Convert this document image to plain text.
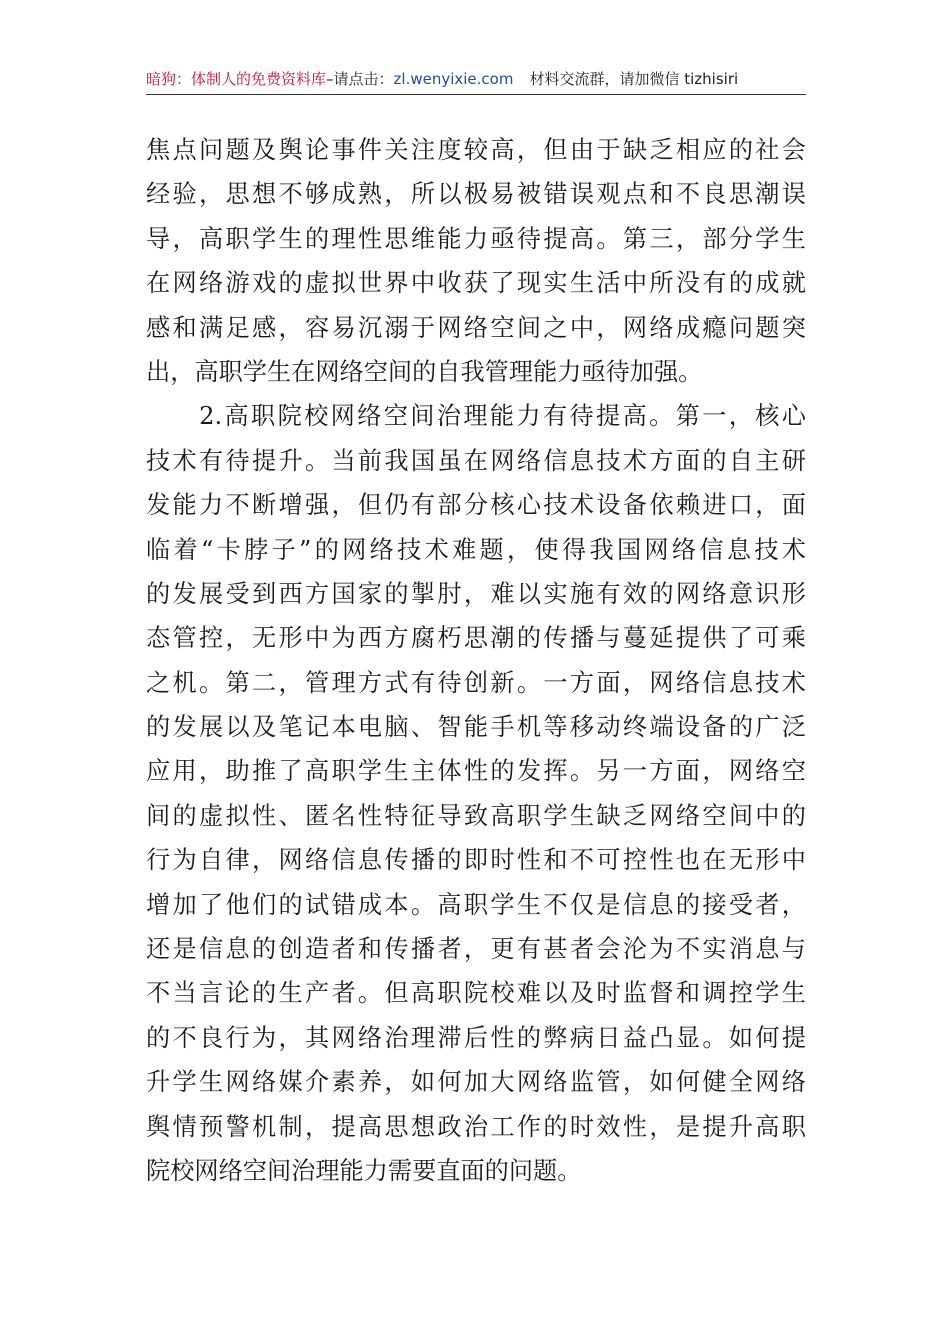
暗狗：体制人的免费资料库–请点击：zl.wenyixie.com 材料交流群，请加微信 tizhisiri
焦点问题及舆论事件关注度较高，但由于缺乏相应的社会
经验，思想不够成熟，所以极易被错误观点和不良思潮误
导，高职学生的理性思维能力亟待提高。第三，部分学生
在网络游戏的虚拟世界中收获了现实生活中所没有的成就
感和满足感，容易沉溺于网络空间之中，网络成瘾问题突
出，高职学生在网络空间的自我管理能力亟待加强。
　　2.高职院校网络空间治理能力有待提高。第一，核心
技术有待提升。当前我国虽在网络信息技术方面的自主研
发能力不断增强，但仍有部分核心技术设备依赖进口，面
临着“卡脖子”的网络技术难题，使得我国网络信息技术
的发展受到西方国家的掣肘，难以实施有效的网络意识形
态管控，无形中为西方腐朽思潮的传播与蔓延提供了可乘
之机。第二，管理方式有待创新。一方面，网络信息技术
的发展以及笔记本电脑、智能手机等移动终端设备的广泛
应用，助推了高职学生主体性的发挥。另一方面，网络空
间的虚拟性、匿名性特征导致高职学生缺乏网络空间中的
行为自律，网络信息传播的即时性和不可控性也在无形中
增加了他们的试错成本。高职学生不仅是信息的接受者，
还是信息的创造者和传播者，更有甚者会沦为不实消息与
不当言论的生产者。但高职院校难以及时监督和调控学生
的不良行为，其网络治理滞后性的弊病日益凸显。如何提
升学生网络媒介素养，如何加大网络监管，如何健全网络
舆情预警机制，提高思想政治工作的时效性，是提升高职
院校网络空间治理能力需要直面的问题。
